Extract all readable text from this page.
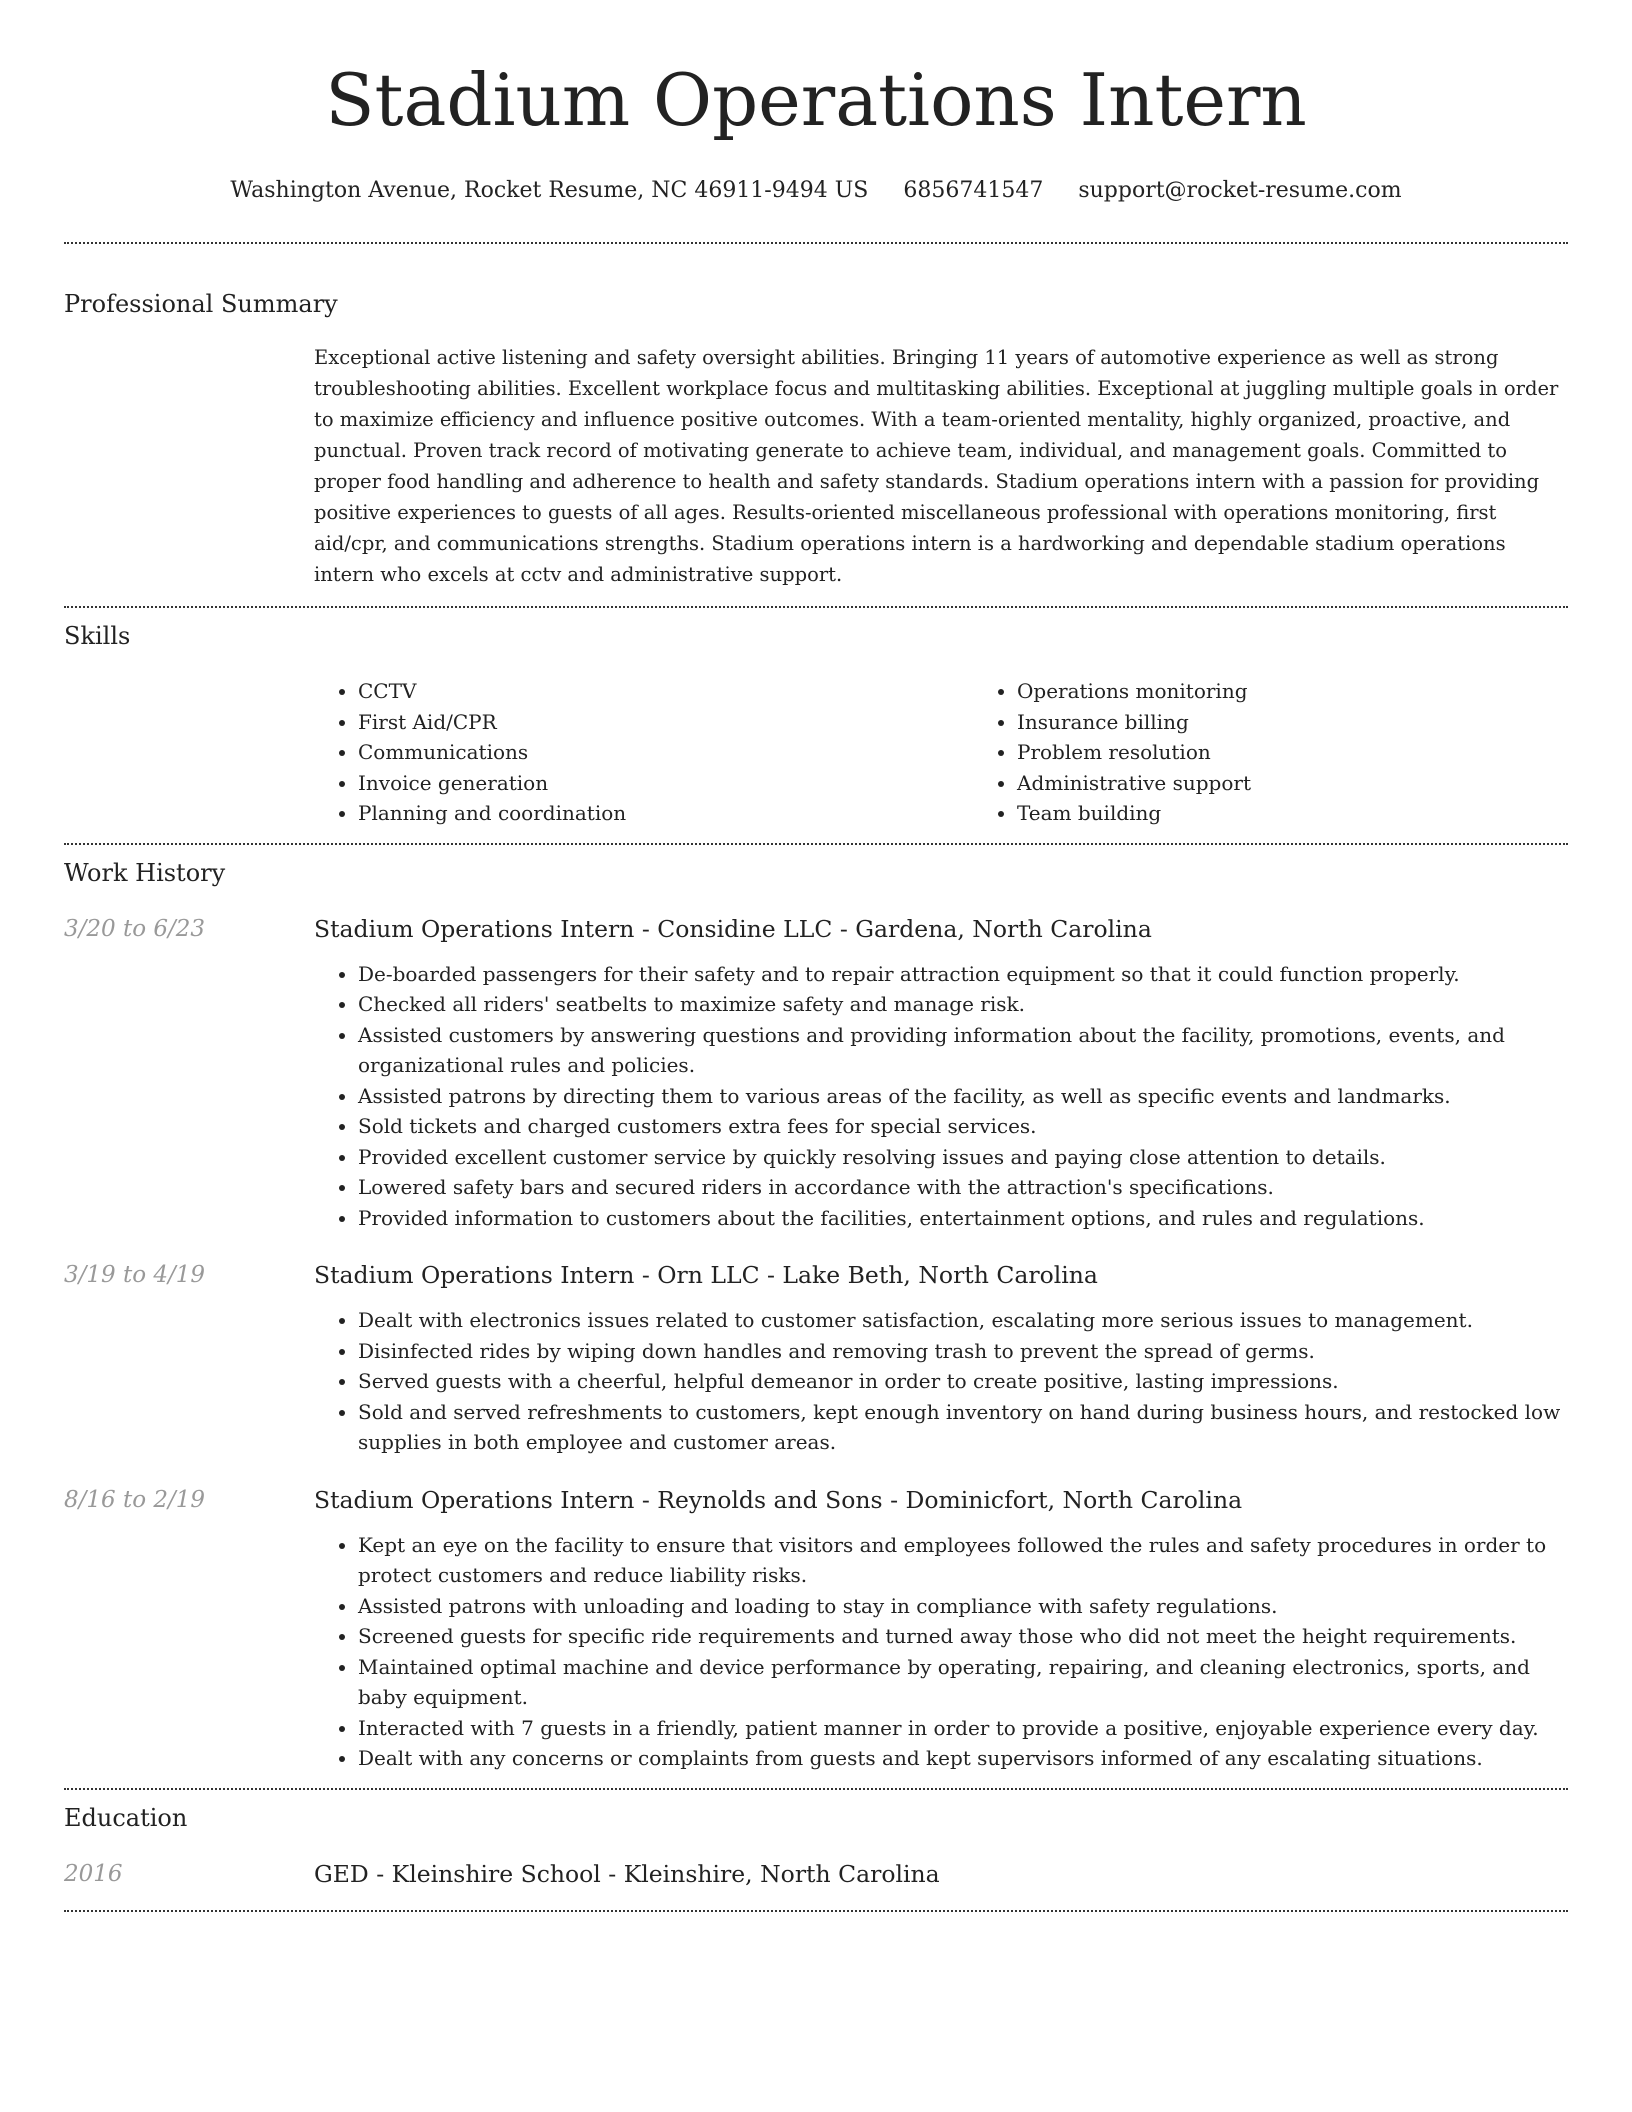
Stadium Operations Intern
Washington Avenue, Rocket Resume, NC 46911-9494 US 6856741547 support@rocket-resume.com
Professional Summary

Exceptional active listening and safety oversight abilities. Bringing 11 years of automotive experience as well as strong troubleshooting abilities. Excellent workplace focus and multitasking abilities. Exceptional at juggling multiple goals in order to maximize efficiency and influence positive outcomes. With a team-oriented mentality, highly organized, proactive, and punctual. Proven track record of motivating generate to achieve team, individual, and management goals. Committed to proper food handling and adherence to health and safety standards. Stadium operations intern with a passion for providing positive experiences to guests of all ages. Results-oriented miscellaneous professional with operations monitoring, first aid/cpr, and communications strengths. Stadium operations intern is a hardworking and dependable stadium operations intern who excels at cctv and administrative support.

Skills
• CCTV
• First Aid/CPR
• Communications
• Invoice generation
• Planning and coordination
• Operations monitoring
• Insurance billing
• Problem resolution
• Administrative support
• Team building
Work History
3/20 to 6/23	Stadium Operations Intern - Considine LLC - Gardena, North Carolina

• De-boarded passengers for their safety and to repair attraction equipment so that it could function properly.
• Checked all riders' seatbelts to maximize safety and manage risk.
• Assisted customers by answering questions and providing information about the facility, promotions, events, and organizational rules and policies.
• Assisted patrons by directing them to various areas of the facility, as well as specific events and landmarks.
• Sold tickets and charged customers extra fees for special services.
• Provided excellent customer service by quickly resolving issues and paying close attention to details.
• Lowered safety bars and secured riders in accordance with the attraction's specifications.
• Provided information to customers about the facilities, entertainment options, and rules and regulations.
3/19 to 4/19	Stadium Operations Intern - Orn LLC - Lake Beth, North Carolina

• Dealt with electronics issues related to customer satisfaction, escalating more serious issues to management.
• Disinfected rides by wiping down handles and removing trash to prevent the spread of germs.
• Served guests with a cheerful, helpful demeanor in order to create positive, lasting impressions.
• Sold and served refreshments to customers, kept enough inventory on hand during business hours, and restocked low supplies in both employee and customer areas.
8/16 to 2/19	Stadium Operations Intern - Reynolds and Sons - Dominicfort, North Carolina

• Kept an eye on the facility to ensure that visitors and employees followed the rules and safety procedures in order to protect customers and reduce liability risks.
• Assisted patrons with unloading and loading to stay in compliance with safety regulations.
• Screened guests for specific ride requirements and turned away those who did not meet the height requirements.
• Maintained optimal machine and device performance by operating, repairing, and cleaning electronics, sports, and baby equipment.
• Interacted with 7 guests in a friendly, patient manner in order to provide a positive, enjoyable experience every day.
• Dealt with any concerns or complaints from guests and kept supervisors informed of any escalating situations.
Education
2016	GED - Kleinshire School - Kleinshire, North Carolina
